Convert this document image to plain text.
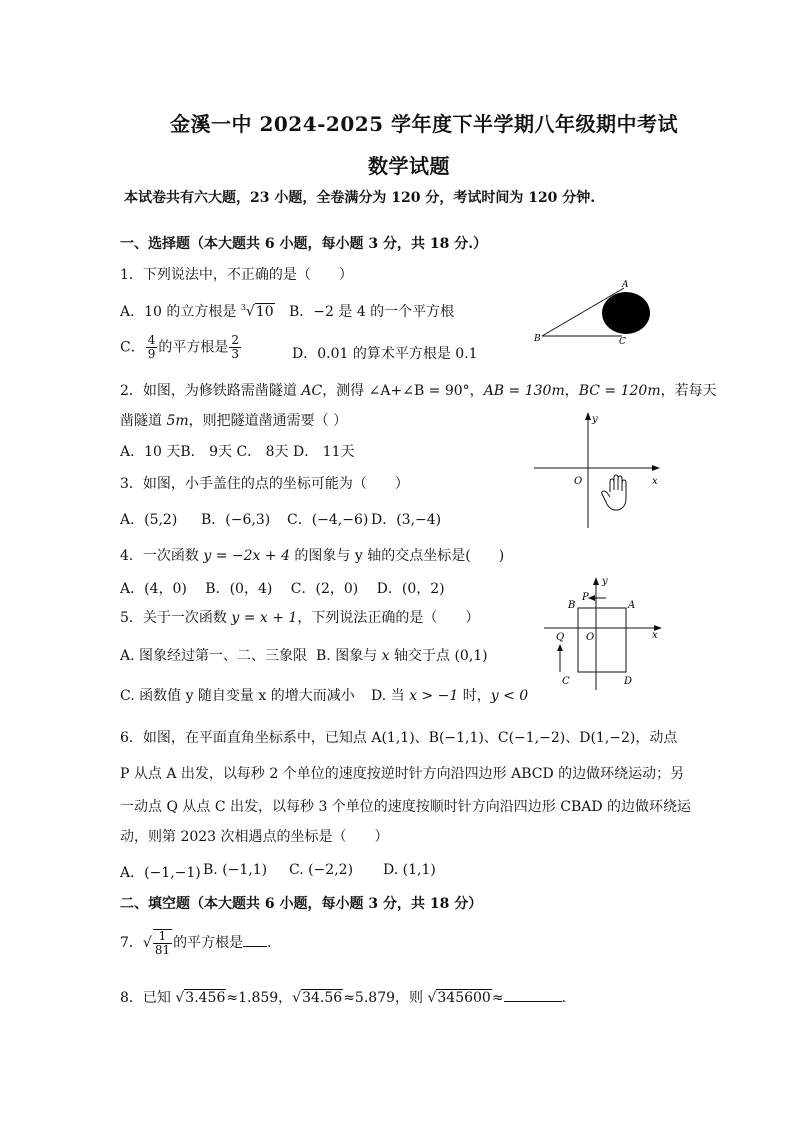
金溪一中 2024-2025 学年度下半学期八年级期中考试
数学试题
本试卷共有六大题，23 小题，全卷满分为 120 分，考试时间为 120 分钟.
一、选择题（本大题共 6 小题，每小题 3 分，共 18 分.）
1．下列说法中，不正确的是（　　）
A．10 的立方根是 $^3$√10 B．−2 是 4 的一个平方根
C． $\frac{4}{9}$ 的平方根是 $\frac{2}{3}$	D．0.01 的算术平方根是 0.1
A
B	C
2．如图，为修铁路需凿隧道 AC，测得 ∠A+∠B = 90°，AB = 130m，BC = 120m，若每天
凿隧道 5m，则把隧道凿通需要（ ）
A．10 天B． 9天 C． 8天 D． 11天
y
x
O
3．如图，小手盖住的点的坐标可能为（　　）
A．(5,2) B．(−6,3) C．(−4,−6) D．(3,−4)
4．一次函数 y = −2x + 4 的图象与 y 轴的交点坐标是(　　)
A．(4，0)　 B．(0，4)　 C．(2，0)　 D．(0，2)
5．关于一次函数 y = x + 1，下列说法正确的是（　　）
A. 图象经过第一、二、三象限 B. 图象与 x 轴交于点 (0,1)
C. 函数值 y 随自变量 x 的增大而减小 D. 当 x > −1 时，y < 0
y
x
O
A
B
C	D
P
Q
6．如图，在平面直角坐标系中，已知点 A(1,1)、B(−1,1)、C(−1,−2)、D(1,−2)，动点
P 从点 A 出发，以每秒 2 个单位的速度按逆时针方向沿四边形 ABCD 的边做环绕运动；另
一动点 Q 从点 C 出发，以每秒 3 个单位的速度按顺时针方向沿四边形 CBAD 的边做环绕运
动，则第 2023 次相遇点的坐标是（　　）
A．(−1,−1) B. (−1,1) C. (−2,2) D. (1,1)
二、填空题（本大题共 6 小题，每小题 3 分，共 18 分）
7．√ $\frac{1}{81}$ 的平方根是 .
8．已知 √3.456≈1.859，√34.56≈5.879，则 √345600≈	.
